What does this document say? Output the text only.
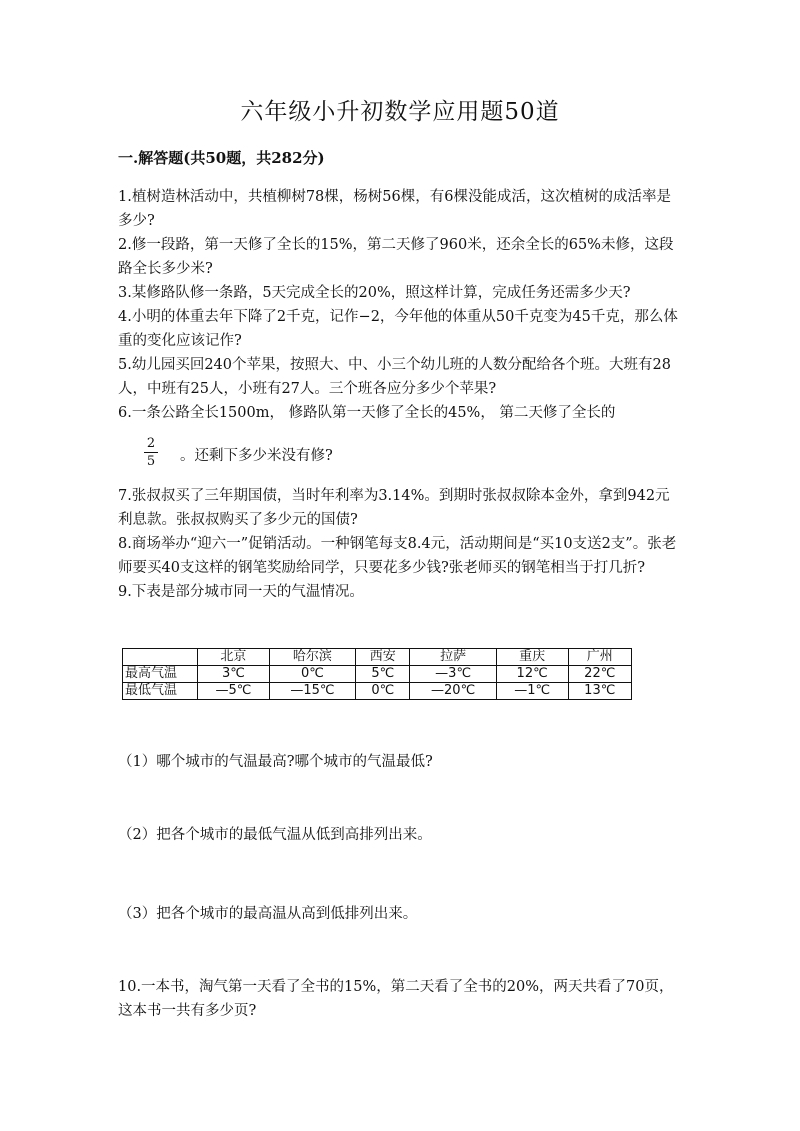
六年级小升初数学应用题50道
一.解答题(共50题，共282分)
1.植树造林活动中，共植柳树78棵，杨树56棵，有6棵没能成活，这次植树的成活率是多少?
2.修一段路，第一天修了全长的15%，第二天修了960米，还余全长的65%未修，这段路全长多少米?
3.某修路队修一条路，5天完成全长的20%，照这样计算，完成任务还需多少天?
4.小明的体重去年下降了2千克，记作−2，今年他的体重从50千克变为45千克，那么体重的变化应该记作?
5.幼儿园买回240个苹果，按照大、中、小三个幼儿班的人数分配给各个班。大班有28人，中班有25人，小班有27人。三个班各应分多少个苹果?
6.一条公路全长1500m， 修路队第一天修了全长的45%， 第二天修了全长的
2
5 。还剩下多少米没有修?
7.张叔叔买了三年期国债，当时年利率为3.14%。到期时张叔叔除本金外，拿到942元利息款。张叔叔购买了多少元的国债?
8.商场举办“迎六一”促销活动。一种钢笔每支8.4元，活动期间是“买10支送2支”。张老师要买40支这样的钢笔奖励给同学，只要花多少钱?张老师买的钢笔相当于打几折?
9.下表是部分城市同一天的气温情况。
	北京	哈尔滨	西安	拉萨	重庆	广州
最高气温	3℃	0℃	5℃	—3℃	12℃	22℃
最低气温	—5℃	—15℃	0℃	—20℃	—1℃	13℃
（1）哪个城市的气温最高?哪个城市的气温最低?
（2）把各个城市的最低气温从低到高排列出来。
（3）把各个城市的最高温从高到低排列出来。
10.一本书，淘气第一天看了全书的15%，第二天看了全书的20%，两天共看了70页，这本书一共有多少页?
